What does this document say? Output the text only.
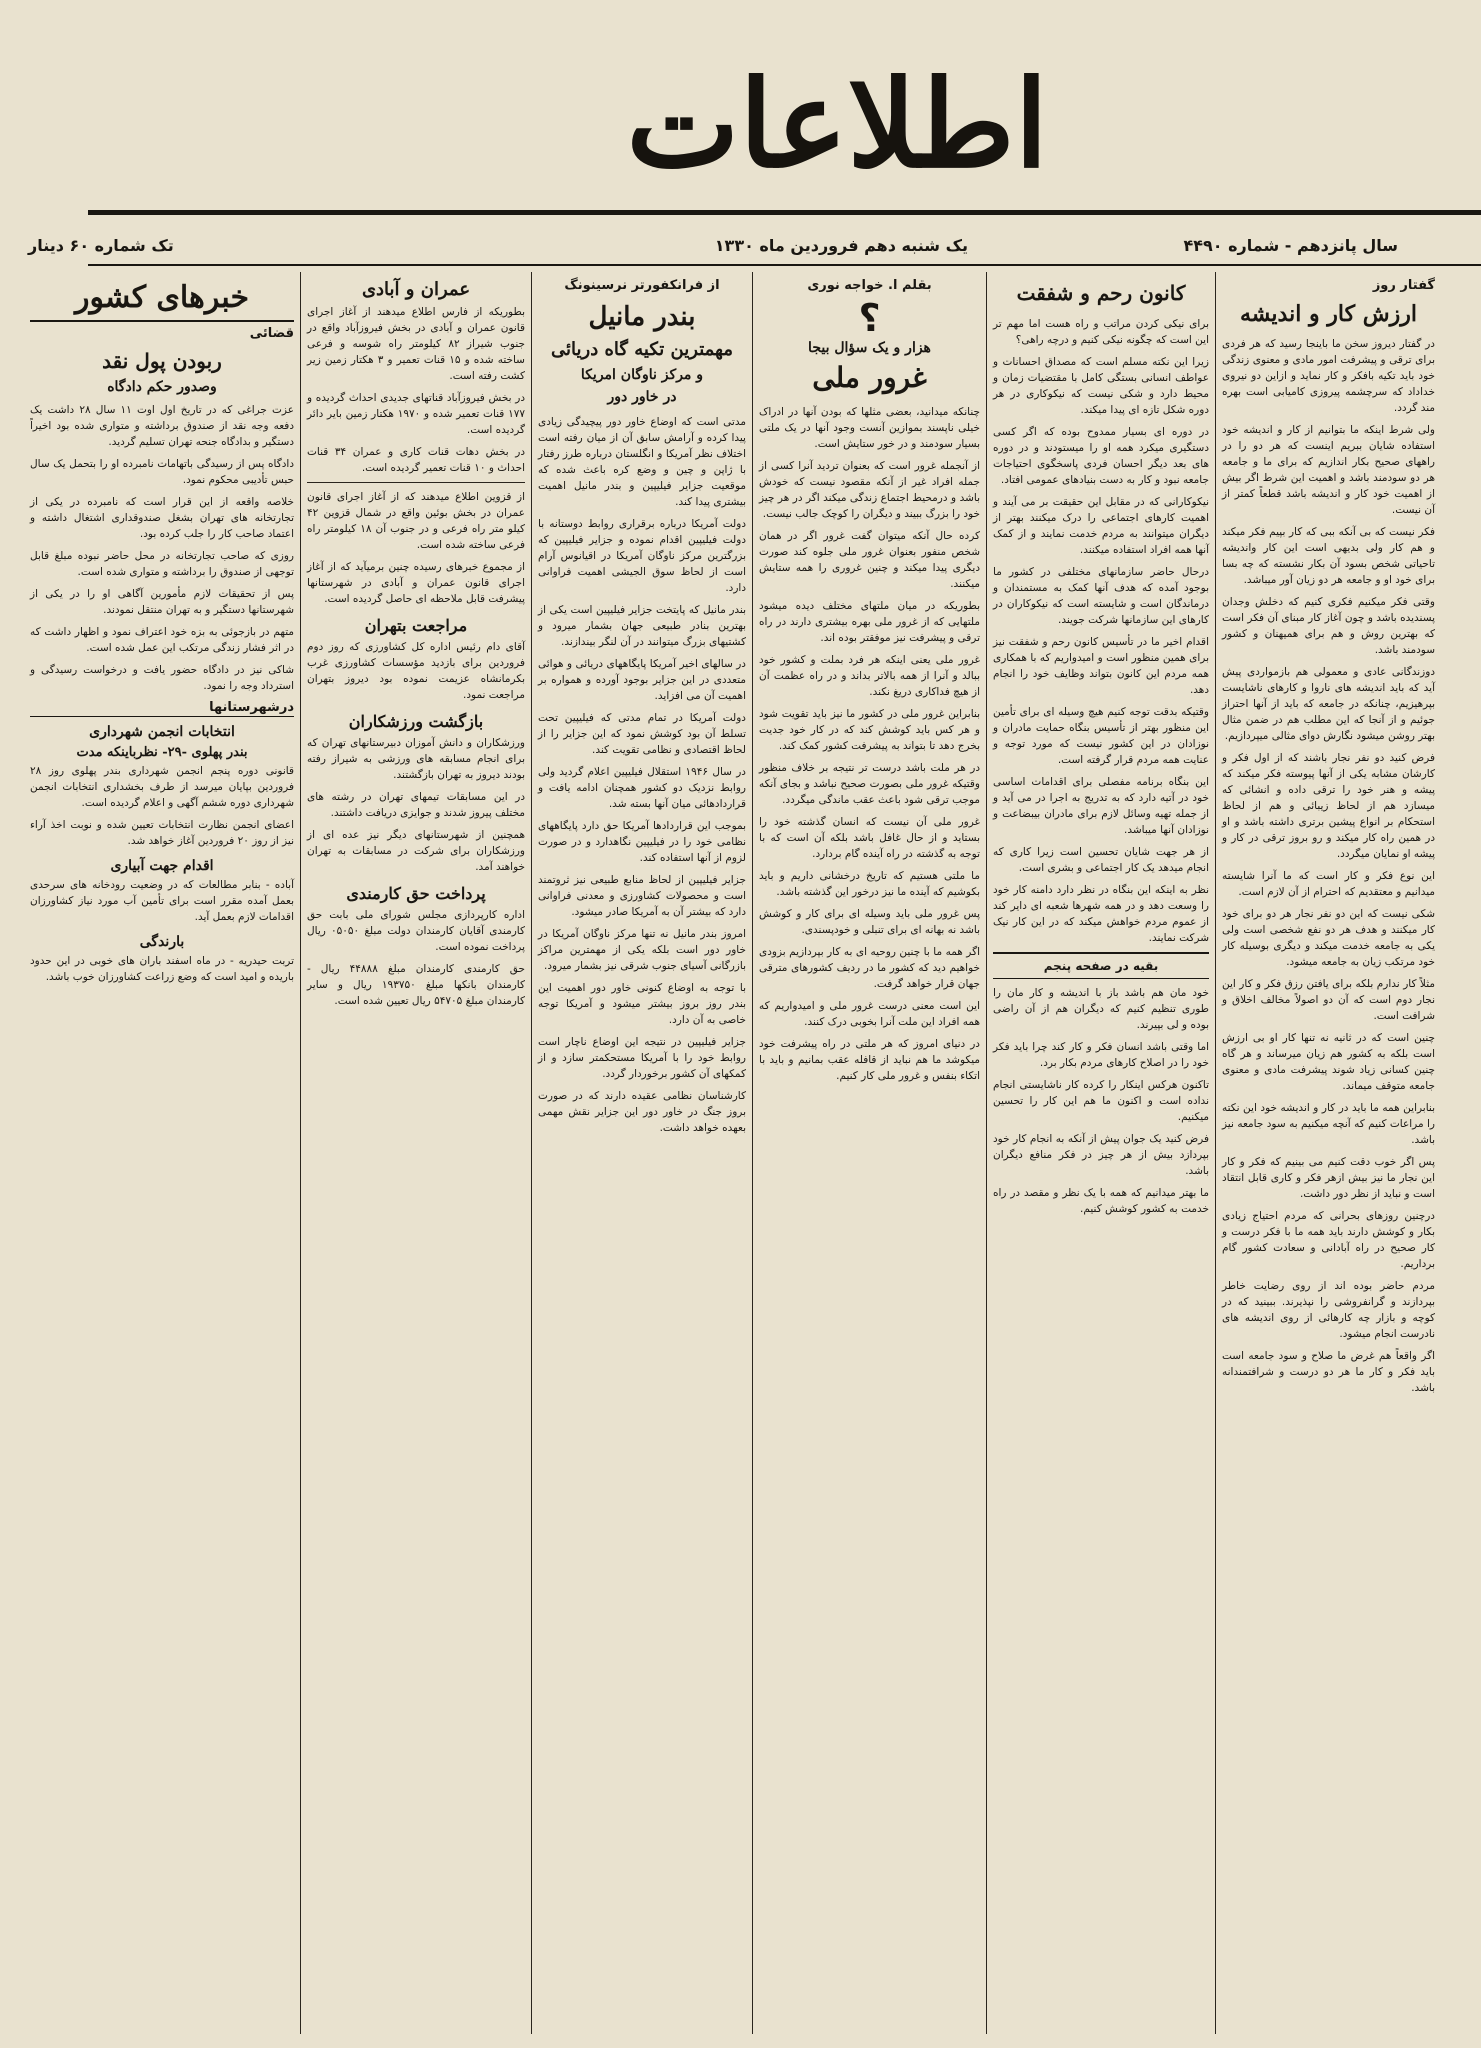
اطلاعات
سال پانزدهم - شماره ۴۴۹۰
یک شنبه دهم فروردین ماه ۱۳۳۰
تک شماره ۶۰ دینار
گفتار روز
ارزش کار و اندیشه

در گفتار دیروز سخن ما باینجا رسید که هر فردی برای ترقی و پیشرفت امور مادی و معنوی زندگی خود باید تکیه بافکر و کار نماید و ازاین دو نیروی خداداد که سرچشمه پیروزی کامیابی است بهره مند گردد.

ولی شرط اینکه ما بتوانیم از کار و اندیشه خود استفاده شایان ببریم اینست که هر دو را در راههای صحیح بکار اندازیم که برای ما و جامعه هر دو سودمند باشد و اهمیت این شرط اگر بیش از اهمیت خود کار و اندیشه باشد قطعاً کمتر از آن نیست.

فکر نیست که بی آنکه ببی که کار بپیم فکر میکند و هم کار ولی بدیهی است این کار واندیشه تاحیاتی شخص بسود آن بکار نشسته که چه بسا برای خود او و جامعه هر دو زیان آور میباشد.

وقتی فکر میکنیم فکری کنیم که دخلش وجدان پسندیده باشد و چون آغاز کار مبنای آن فکر است که بهترین روش و هم برای همیهنان و کشور سودمند باشد.

دوزندگانی عادی و معمولی هم بازمواردی پیش آید که باید اندیشه های ناروا و کارهای ناشایست بپرهیزیم، چنانکه در جامعه که باید از آنها احتراز جوئیم و از آنجا که این مطلب هم در ضمن مثال بهتر روشن میشود نگارش دوای مثالی میپردازیم.

فرض کنید دو نفر نجار باشند که از اول فکر و کارشان مشابه یکی از آنها پیوسته فکر میکند که پیشه و هنر خود را ترقی داده و انشائی که میسازد هم از لحاظ زیبائی و هم از لحاظ استحکام بر انواع پیشین برتری داشته باشد و او در همین راه کار میکند و رو بروز ترقی در کار و پیشه او نمایان میگردد.

این نوع فکر و کار است که ما آنرا شایسته میدانیم و معتقدیم که احترام از آن لازم است.

شکی نیست که این دو نفر نجار هر دو برای خود کار میکنند و هدف هر دو نفع شخصی است ولی یکی به جامعه خدمت میکند و دیگری بوسیله کار خود مرتکب زیان به جامعه میشود.

مثلاً کار ندارم بلکه برای یافتن رزق فکر و کار این نجار دوم است که آن دو اصولاً مخالف اخلاق و شرافت است.

چنین است که در ثانیه نه تنها کار او بی ارزش است بلکه به کشور هم زیان میرساند و هر گاه چنین کسانی زیاد شوند پیشرفت مادی و معنوی جامعه متوقف میماند.

بنابراین همه ما باید در کار و اندیشه خود این نکته را مراعات کنیم که آنچه میکنیم به سود جامعه نیز باشد.

پس اگر خوب دقت کنیم می بینیم که فکر و کار این نجار ما نیز بیش ازهر فکر و کاری قابل انتقاد است و نباید از نظر دور داشت.

درچنین روزهای بحرانی که مردم احتیاج زیادی بکار و کوشش دارند باید همه ما با فکر درست و کار صحیح در راه آبادانی و سعادت کشور گام برداریم.

مردم حاضر بوده اند از روی رضایت خاطر بپردازند و گرانفروشی را نپذیرند. ببینید که در کوچه و بازار چه کارهائی از روی اندیشه های نادرست انجام میشود.

اگر واقعاً هم غرض ما صلاح و سود جامعه است باید فکر و کار ما هر دو درست و شرافتمندانه باشد.

کانون رحم و شفقت

برای نیکی کردن مراتب و راه هست اما مهم تر این است که چگونه نیکی کنیم و درچه راهی؟

زیرا این نکته مسلم است که مصداق احسانات و عواطف انسانی بستگی کامل با مقتضیات زمان و محیط دارد و شکی نیست که نیکوکاری در هر دوره شکل تازه ای پیدا میکند.

در دوره ای بسیار ممدوح بوده که اگر کسی دستگیری میکرد همه او را میستودند و در دوره های بعد دیگر احسان فردی پاسخگوی احتیاجات جامعه نبود و کار به دست بنیادهای عمومی افتاد.

نیکوکارانی که در مقابل این حقیقت بر می آیند و اهمیت کارهای اجتماعی را درک میکنند بهتر از دیگران میتوانند به مردم خدمت نمایند و از کمک آنها همه افراد استفاده میکنند.

درحال حاضر سازمانهای مختلفی در کشور ما بوجود آمده که هدف آنها کمک به مستمندان و درماندگان است و شایسته است که نیکوکاران در کارهای این سازمانها شرکت جویند.

اقدام اخیر ما در تأسیس کانون رحم و شفقت نیز برای همین منظور است و امیدواریم که با همکاری همه مردم این کانون بتواند وظایف خود را انجام دهد.

وقتیکه بدقت توجه کنیم هیچ وسیله ای برای تأمین این منظور بهتر از تأسیس بنگاه حمایت مادران و نوزادان در این کشور نیست که مورد توجه و عنایت همه مردم قرار گرفته است.

این بنگاه برنامه مفصلی برای اقدامات اساسی خود در آتیه دارد که به تدریج به اجرا در می آید و از جمله تهیه وسائل لازم برای مادران بیبضاعت و نوزادان آنها میباشد.

از هر جهت شایان تحسین است زیرا کاری که انجام میدهد یک کار اجتماعی و بشری است.

نظر به اینکه این بنگاه در نظر دارد دامنه کار خود را وسعت دهد و در همه شهرها شعبه ای دایر کند از عموم مردم خواهش میکند که در این کار نیک شرکت نمایند.

بقیه در صفحه پنجم

خود مان هم باشد باز با اندیشه و کار مان را طوری تنظیم کنیم که دیگران هم از آن راضی بوده و لی بپیرند.

اما وقتی باشد انسان فکر و کار کند چرا باید فکر خود را در اصلاح کارهای مردم بکار برد.

تاکنون هرکس اینکار را کرده کار ناشایستی انجام نداده است و اکنون ما هم این کار را تحسین میکنیم.

فرض کنید یک جوان پیش از آنکه به انجام کار خود بپردازد بیش از هر چیز در فکر منافع دیگران باشد.

ما بهتر میدانیم که همه با یک نظر و مقصد در راه خدمت به کشور کوشش کنیم.

بقلم ا. خواجه نوری
؟
هزار و یک سؤال بیجا
غرور ملی

چنانکه میدانید، بعضی مثلها که بودن آنها در ادراک خیلی ناپسند بموازین آنست وجود آنها در یک ملتی بسیار سودمند و در خور ستایش است.

از آنجمله غرور است که بعنوان ترديد آنرا کسی از جمله افراد غیر از آنکه مقصود نیست که خودش باشد و درمحیط اجتماع زندگی میکند اگر در هر چیز خود را بزرگ ببیند و دیگران را کوچک جالب نیست.

کرده حال آنکه میتوان گفت غرور اگر در همان شخص منفور بعنوان غرور ملی جلوه کند صورت دیگری پیدا میکند و چنین غروری را همه ستایش میکنند.

بطوریکه در میان ملتهای مختلف دیده میشود ملتهایی که از غرور ملی بهره بیشتری دارند در راه ترقی و پیشرفت نیز موفقتر بوده اند.

غرور ملی یعنی اینکه هر فرد بملت و کشور خود ببالد و آنرا از همه بالاتر بداند و در راه عظمت آن از هیچ فداکاری دریغ نکند.

بنابراین غرور ملی در کشور ما نیز باید تقویت شود و هر کس باید کوشش کند که در کار خود جدیت بخرج دهد تا بتواند به پیشرفت کشور کمک کند.

در هر ملت باشد درست تر نتیجه بر خلاف منظور وقتیکه غرور ملی بصورت صحیح نباشد و بجای آنکه موجب ترقی شود باعث عقب ماندگی میگردد.

غرور ملی آن نیست که انسان گذشته خود را بستاید و از حال غافل باشد بلکه آن است که با توجه به گذشته در راه آینده گام بردارد.

ما ملتی هستیم که تاریخ درخشانی داریم و باید بکوشیم که آینده ما نیز درخور این گذشته باشد.

پس غرور ملی باید وسیله ای برای کار و کوشش باشد نه بهانه ای برای تنبلی و خودپسندی.

اگر همه ما با چنین روحیه ای به کار بپردازیم بزودی خواهیم دید که کشور ما در ردیف کشورهای مترقی جهان قرار خواهد گرفت.

این است معنی درست غرور ملی و امیدواریم که همه افراد این ملت آنرا بخوبی درک کنند.

در دنیای امروز که هر ملتی در راه پیشرفت خود میکوشد ما هم نباید از قافله عقب بمانیم و باید با اتکاء بنفس و غرور ملی کار کنیم.

از فرانکفورتر نرسینونگ
بندر مانیل
مهمترین تکیه گاه دریائی
و مرکز ناوگان امریکا
در خاور دور

مدتی است که اوضاع خاور دور پیچیدگی زیادی پیدا کرده و آرامش سابق آن از میان رفته است اختلاف نظر آمریکا و انگلستان درباره طرز رفتار با ژاپن و چین و وضع کره باعث شده که موقعیت جزایر فیلیپین و بندر مانیل اهمیت بیشتری پیدا کند.

دولت آمریکا درباره برقراری روابط دوستانه با دولت فیلیپین اقدام نموده و جزایر فیلیپین که بزرگترین مرکز ناوگان آمریکا در اقیانوس آرام است از لحاظ سوق الجیشی اهمیت فراوانی دارد.

بندر مانیل که پایتخت جزایر فیلیپین است یکی از بهترین بنادر طبیعی جهان بشمار میرود و کشتیهای بزرگ میتوانند در آن لنگر بیندازند.

در سالهای اخیر آمریکا پایگاههای دریائی و هوائی متعددی در این جزایر بوجود آورده و همواره بر اهمیت آن می افزاید.

دولت آمریکا در تمام مدتی که فیلیپین تحت تسلط آن بود کوشش نمود که این جزایر را از لحاظ اقتصادی و نظامی تقویت کند.

در سال ۱۹۴۶ استقلال فیلیپین اعلام گردید ولی روابط نزدیک دو کشور همچنان ادامه یافت و قراردادهائی میان آنها بسته شد.

بموجب این قراردادها آمریکا حق دارد پایگاههای نظامی خود را در فیلیپین نگاهدارد و در صورت لزوم از آنها استفاده کند.

جزایر فیلیپین از لحاظ منابع طبیعی نیز ثروتمند است و محصولات کشاورزی و معدنی فراوانی دارد که بیشتر آن به آمریکا صادر میشود.

امروز بندر مانیل نه تنها مرکز ناوگان آمریکا در خاور دور است بلکه یکی از مهمترین مراکز بازرگانی آسیای جنوب شرقی نیز بشمار میرود.

با توجه به اوضاع کنونی خاور دور اهمیت این بندر روز بروز بیشتر میشود و آمریکا توجه خاصی به آن دارد.

جزایر فیلیپین در نتیجه این اوضاع ناچار است روابط خود را با آمریکا مستحکمتر سازد و از کمکهای آن کشور برخوردار گردد.

کارشناسان نظامی عقیده دارند که در صورت بروز جنگ در خاور دور این جزایر نقش مهمی بعهده خواهد داشت.

عمران و آبادی

بطوریکه از فارس اطلاع میدهند از آغاز اجرای قانون عمران و آبادی در بخش فیروزآباد واقع در جنوب شیراز ۸۲ کیلومتر راه شوسه و فرعی ساخته شده و ۱۵ قنات تعمیر و ۳ هکتار زمین زیر کشت رفته است.

در بخش فیروزآباد قناتهای جدیدی احداث گردیده و ۱۷۷ قنات تعمیر شده و ۱۹۷۰ هکتار زمین بایر دائر گردیده است.

در بخش دهات قنات کاری و عمران ۳۴ قنات احداث و ۱۰ قنات تعمیر گردیده است.

از قزوین اطلاع میدهند که از آغاز اجرای قانون عمران در بخش بوئین واقع در شمال قزوین ۴۲ کیلو متر راه فرعی و در جنوب آن ۱۸ کیلومتر راه فرعی ساخته شده است.

از مجموع خبرهای رسیده چنین برمیآید که از آغاز اجرای قانون عمران و آبادی در شهرستانها پیشرفت قابل ملاحظه ای حاصل گردیده است.

مراجعت بتهران

آقای دام رئیس اداره کل کشاورزی که روز دوم فروردین برای بازدید مؤسسات کشاورزی غرب بکرمانشاه عزیمت نموده بود دیروز بتهران مراجعت نمود.

بازگشت ورزشکاران

ورزشکاران و دانش آموزان دبیرستانهای تهران که برای انجام مسابقه های ورزشی به شیراز رفته بودند دیروز به تهران بازگشتند.

در این مسابقات تیمهای تهران در رشته های مختلف پیروز شدند و جوایزی دریافت داشتند.

همچنین از شهرستانهای دیگر نیز عده ای از ورزشکاران برای شرکت در مسابقات به تهران خواهند آمد.

پرداخت حق کارمندی

اداره کارپردازی مجلس شورای ملی بابت حق کارمندی آقایان کارمندان دولت مبلغ ۰۵۰۵۰ ریال پرداخت نموده است.

حق کارمندی کارمندان مبلغ ۴۴۸۸۸ ریال - کارمندان بانکها مبلغ ۱۹۳۷۵۰ ریال و سایر کارمندان مبلغ ۵۴۷۰۵ ریال تعیین شده است.

خبرهای کشور
قضائی
ربودن پول نقد
وصدور حکم دادگاه

عزت جراغی که در تاریخ اول اوت ۱۱ سال ۲۸ داشت یک دفعه وجه نقد از صندوق برداشته و متواری شده بود اخیراً دستگیر و بدادگاه جنحه تهران تسلیم گردید.

دادگاه پس از رسیدگی باتهامات نامبرده او را بتحمل یک سال حبس تأدیبی محکوم نمود.

خلاصه واقعه از این قرار است که نامبرده در یکی از تجارتخانه های تهران بشغل صندوقداری اشتغال داشته و اعتماد صاحب کار را جلب کرده بود.

روزی که صاحب تجارتخانه در محل حاضر نبوده مبلغ قابل توجهی از صندوق را برداشته و متواری شده است.

پس از تحقیقات لازم مأمورین آگاهی او را در یکی از شهرستانها دستگیر و به تهران منتقل نمودند.

متهم در بازجوئی به بزه خود اعتراف نمود و اظهار داشت که در اثر فشار زندگی مرتکب این عمل شده است.

شاکی نیز در دادگاه حضور یافت و درخواست رسیدگی و استرداد وجه را نمود.

درشهرستانها
انتخابات انجمن شهرداری
بندر پهلوی -۲۹- نظرباینکه مدت

قانونی دوره پنجم انجمن شهرداری بندر پهلوی روز ۲۸ فروردین بپایان میرسد از طرف بخشداری انتخابات انجمن شهرداری دوره ششم آگهی و اعلام گردیده است.

اعضای انجمن نظارت انتخابات تعیین شده و نوبت اخذ آراء نیز از روز ۲۰ فروردین آغاز خواهد شد.

اقدام جهت آبیاری

آباده - بنابر مطالعات که در وضعیت رودخانه های سرحدی بعمل آمده مقرر است برای تأمین آب مورد نیاز کشاورزان اقدامات لازم بعمل آید.

بارندگی

تربت حیدریه - در ماه اسفند باران های خوبی در این حدود باریده و امید است که وضع زراعت کشاورزان خوب باشد.
